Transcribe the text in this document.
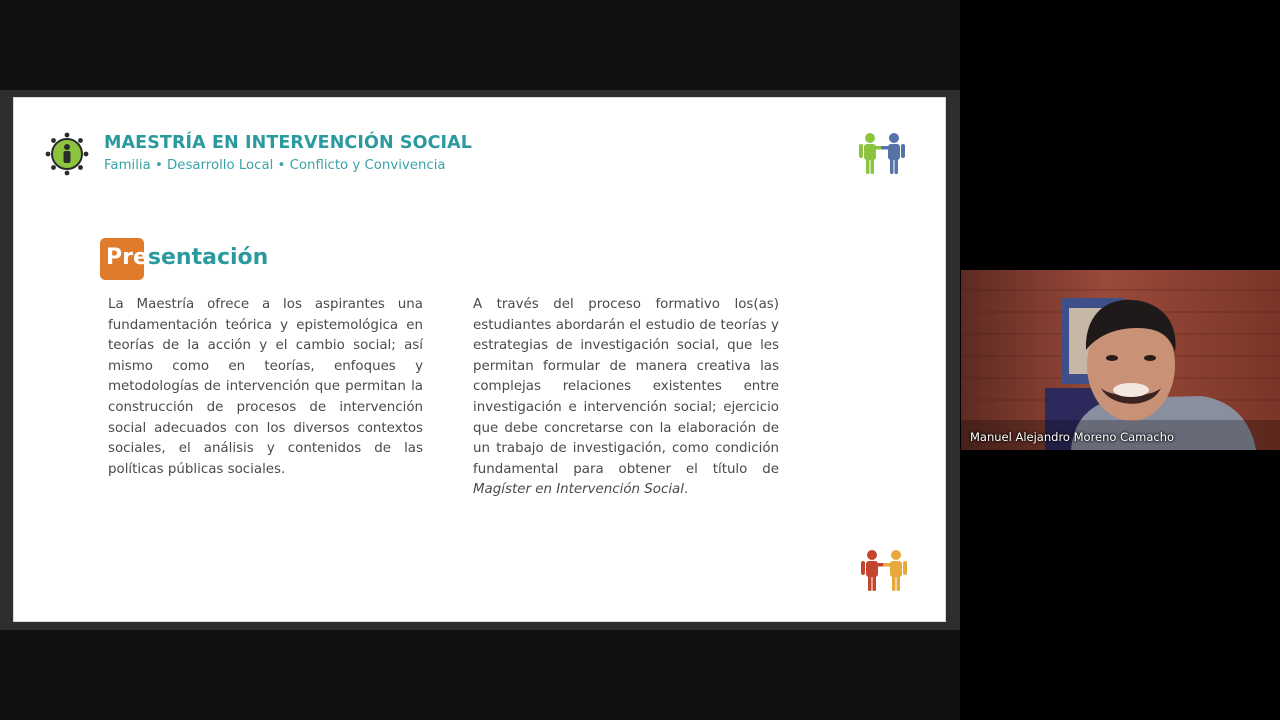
MAESTRÍA EN INTERVENCIÓN SOCIAL
Familia • Desarrollo Local • Conflicto y Convivencia
Presentación

La Maestría ofrece a los aspirantes una fundamentación teórica y epistemológica en teorías de la acción y el cambio social; así mismo como en teorías, enfoques y metodologías de intervención que permitan la construcción de procesos de intervención social adecuados con los diversos contextos sociales, el análisis y contenidos de las políticas públicas sociales.

A través del proceso formativo los(as) estudiantes abordarán el estudio de teorías y estrategias de investigación social, que les permitan formular de manera creativa las complejas relaciones existentes entre investigación e intervención social; ejercicio que debe concretarse con la elaboración de un trabajo de investigación, como condición fundamental para obtener el título de Magíster en Intervención Social.

Manuel Alejandro Moreno Camacho
